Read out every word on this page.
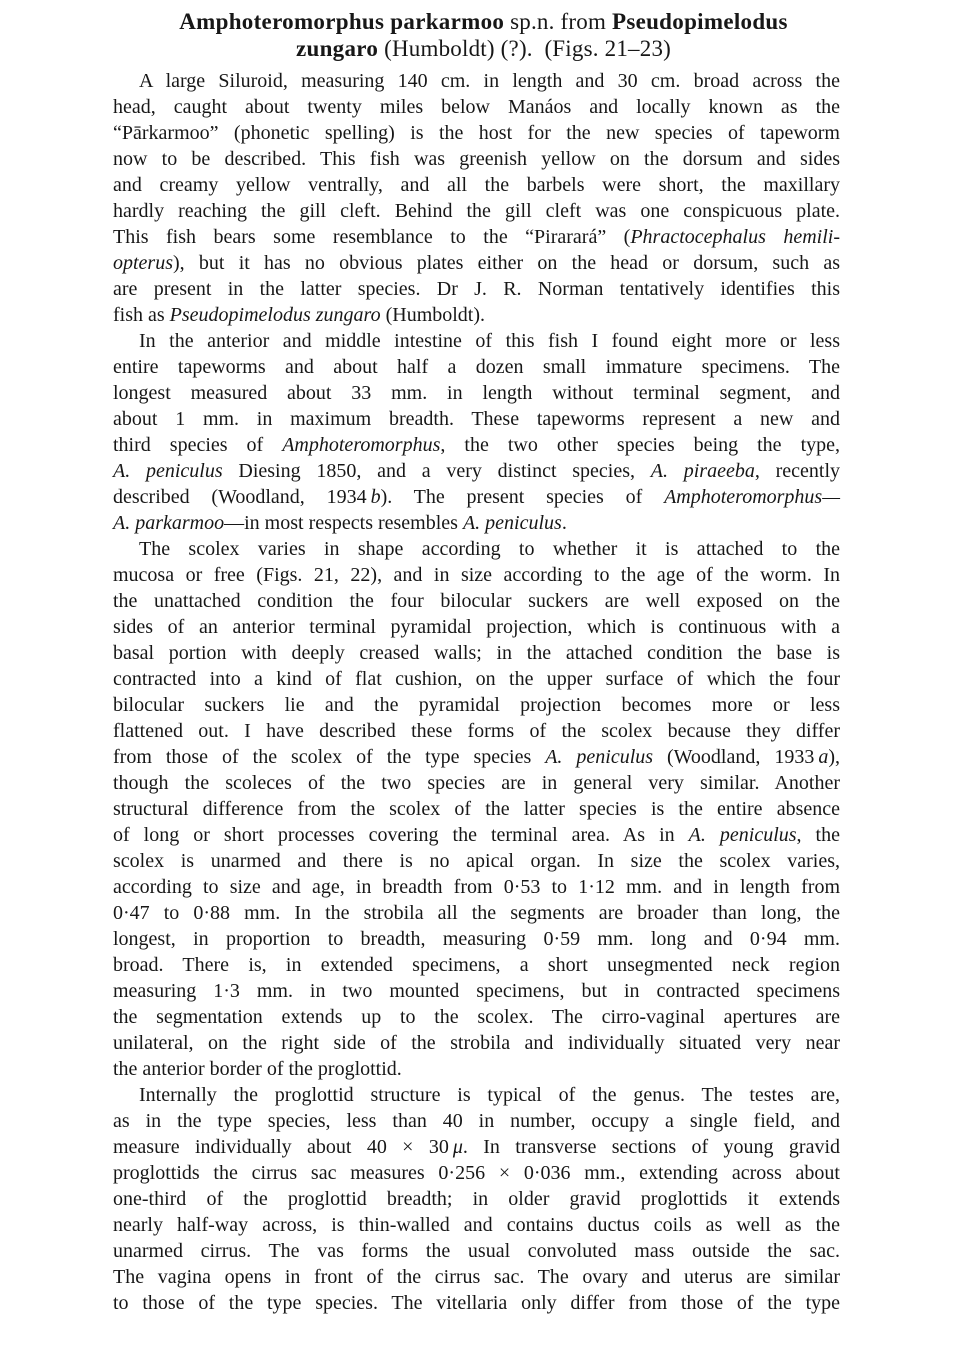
Amphoteromorphus parkarmoo sp.n. from Pseudopimelodus
zungaro (Humboldt) (?). (Figs. 21–23)
A large Siluroid, measuring 140 cm. in length and 30 cm. broad across the
head, caught about twenty miles below Manáos and locally known as the
“Pārkarmoo” (phonetic spelling) is the host for the new species of tapeworm
now to be described. This fish was greenish yellow on the dorsum and sides
and creamy yellow ventrally, and all the barbels were short, the maxillary
hardly reaching the gill cleft. Behind the gill cleft was one conspicuous plate.
This fish bears some resemblance to the “Pirarará” (Phractocephalus hemili-
opterus), but it has no obvious plates either on the head or dorsum, such as
are present in the latter species. Dr J. R. Norman tentatively identifies this
fish as Pseudopimelodus zungaro (Humboldt).
In the anterior and middle intestine of this fish I found eight more or less
entire tapeworms and about half a dozen small immature specimens. The
longest measured about 33 mm. in length without terminal segment, and
about 1 mm. in maximum breadth. These tapeworms represent a new and
third species of Amphoteromorphus, the two other species being the type,
A. peniculus Diesing 1850, and a very distinct species, A. piraeeba, recently
described (Woodland, 1934 b). The present species of Amphoteromorphus—
A. parkarmoo—in most respects resembles A. peniculus.
The scolex varies in shape according to whether it is attached to the
mucosa or free (Figs. 21, 22), and in size according to the age of the worm. In
the unattached condition the four bilocular suckers are well exposed on the
sides of an anterior terminal pyramidal projection, which is continuous with a
basal portion with deeply creased walls; in the attached condition the base is
contracted into a kind of flat cushion, on the upper surface of which the four
bilocular suckers lie and the pyramidal projection becomes more or less
flattened out. I have described these forms of the scolex because they differ
from those of the scolex of the type species A. peniculus (Woodland, 1933 a),
though the scoleces of the two species are in general very similar. Another
structural difference from the scolex of the latter species is the entire absence
of long or short processes covering the terminal area. As in A. peniculus, the
scolex is unarmed and there is no apical organ. In size the scolex varies,
according to size and age, in breadth from 0·53 to 1·12 mm. and in length from
0·47 to 0·88 mm. In the strobila all the segments are broader than long, the
longest, in proportion to breadth, measuring 0·59 mm. long and 0·94 mm.
broad. There is, in extended specimens, a short unsegmented neck region
measuring 1·3 mm. in two mounted specimens, but in contracted specimens
the segmentation extends up to the scolex. The cirro-vaginal apertures are
unilateral, on the right side of the strobila and individually situated very near
the anterior border of the proglottid.
Internally the proglottid structure is typical of the genus. The testes are,
as in the type species, less than 40 in number, occupy a single field, and
measure individually about 40 × 30 μ. In transverse sections of young gravid
proglottids the cirrus sac measures 0·256 × 0·036 mm., extending across about
one-third of the proglottid breadth; in older gravid proglottids it extends
nearly half-way across, is thin-walled and contains ductus coils as well as the
unarmed cirrus. The vas forms the usual convoluted mass outside the sac.
The vagina opens in front of the cirrus sac. The ovary and uterus are similar
to those of the type species. The vitellaria only differ from those of the type
